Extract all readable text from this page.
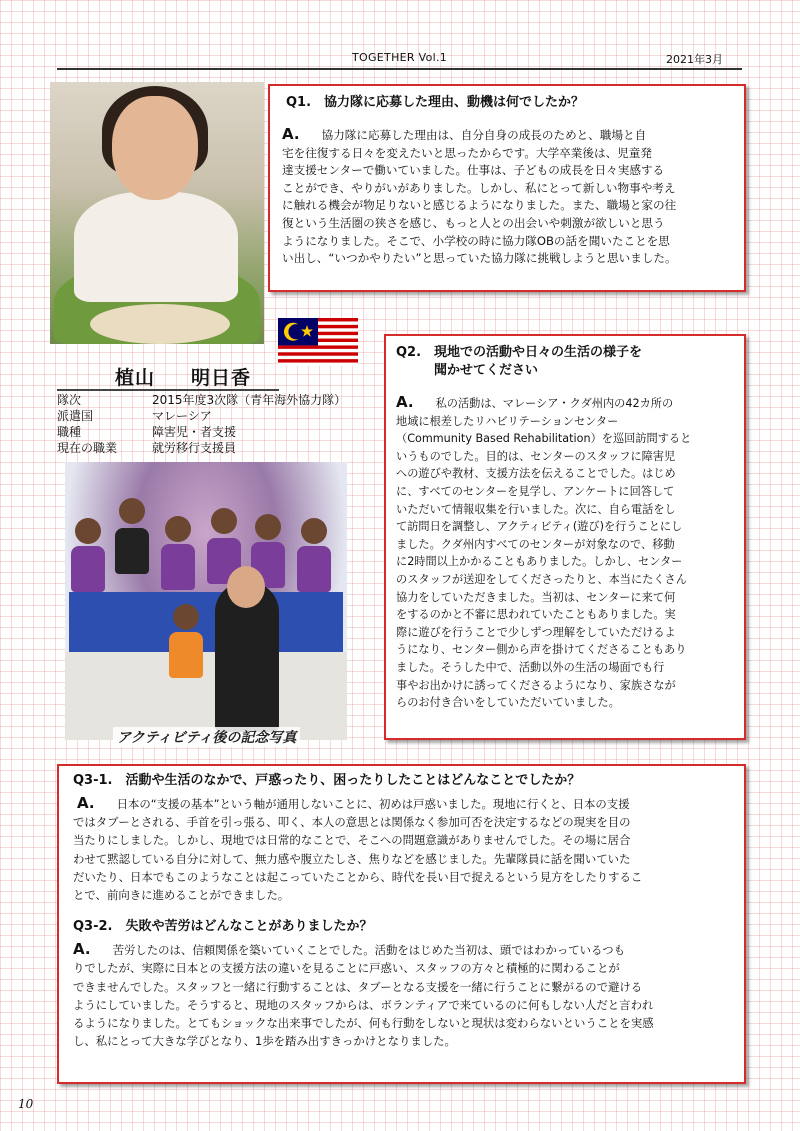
TOGETHER Vol.1	2021年3月
Q1.　協力隊に応募した理由、動機は何でしたか？
A. 協力隊に応募した理由は、自分自身の成長のためと、職場と自
宅を往復する日々を変えたいと思ったからです。大学卒業後は、児童発
達支援センターで働いていました。仕事は、子どもの成長を日々実感する
ことができ、やりがいがありました。しかし、私にとって新しい物事や考え
に触れる機会が物足りないと感じるようになりました。また、職場と家の往
復という生活圏の狭さを感じ、もっと人との出会いや刺激が欲しいと思う
ようになりました。そこで、小学校の時に協力隊OBの話を聞いたことを思
い出し、“いつかやりたい”と思っていた協力隊に挑戦しようと思いました。
植山 明日香
隊次	2015年度3次隊（青年海外協力隊）
派遣国	マレーシア
職種	障害児・者支援
現在の職業	就労移行支援員
アクティビティ後の記念写真
Q2.　現地での活動や日々の生活の様子を
聞かせてください
A. 私の活動は、マレーシア・クダ州内の42カ所の
地域に根差したリハビリテーションセンター
（Community Based Rehabilitation）を巡回訪問すると
いうものでした。目的は、センターのスタッフに障害児
への遊びや教材、支援方法を伝えることでした。はじめ
に、すべてのセンターを見学し、アンケートに回答して
いただいて情報収集を行いました。次に、自ら電話をし
て訪問日を調整し、アクティビティ(遊び)を行うことにし
ました。クダ州内すべてのセンターが対象なので、移動
に2時間以上かかることもありました。しかし、センター
のスタッフが送迎をしてくださったりと、本当にたくさん
協力をしていただきました。当初は、センターに来て何
をするのかと不審に思われていたこともありました。実
際に遊びを行うことで少しずつ理解をしていただけるよ
うになり、センター側から声を掛けてくださることもあり
ました。そうした中で、活動以外の生活の場面でも行
事やお出かけに誘ってくださるようになり、家族さなが
らのお付き合いをしていただいていました。
Q3-1.　活動や生活のなかで、戸惑ったり、困ったりしたことはどんなことでしたか？
A. 日本の“支援の基本”という軸が通用しないことに、初めは戸惑いました。現地に行くと、日本の支援
ではタブーとされる、手首を引っ張る、叩く、本人の意思とは関係なく参加可否を決定するなどの現実を目の
当たりにしました。しかし、現地では日常的なことで、そこへの問題意識がありませんでした。その場に居合
わせて黙認している自分に対して、無力感や腹立たしさ、焦りなどを感じました。先輩隊員に話を聞いていた
だいたり、日本でもこのようなことは起こっていたことから、時代を長い目で捉えるという見方をしたりするこ
とで、前向きに進めることができました。
Q3-2.　失敗や苦労はどんなことがありましたか？
A. 苦労したのは、信頼関係を築いていくことでした。活動をはじめた当初は、頭ではわかっているつも
りでしたが、実際に日本との支援方法の違いを見ることに戸惑い、スタッフの方々と積極的に関わることが
できませんでした。スタッフと一緒に行動することは、タブーとなる支援を一緒に行うことに繋がるので避ける
ようにしていました。そうすると、現地のスタッフからは、ボランティアで来ているのに何もしない人だと言われ
るようになりました。とてもショックな出来事でしたが、何も行動をしないと現状は変わらないということを実感
し、私にとって大きな学びとなり、1歩を踏み出すきっかけとなりました。
10
